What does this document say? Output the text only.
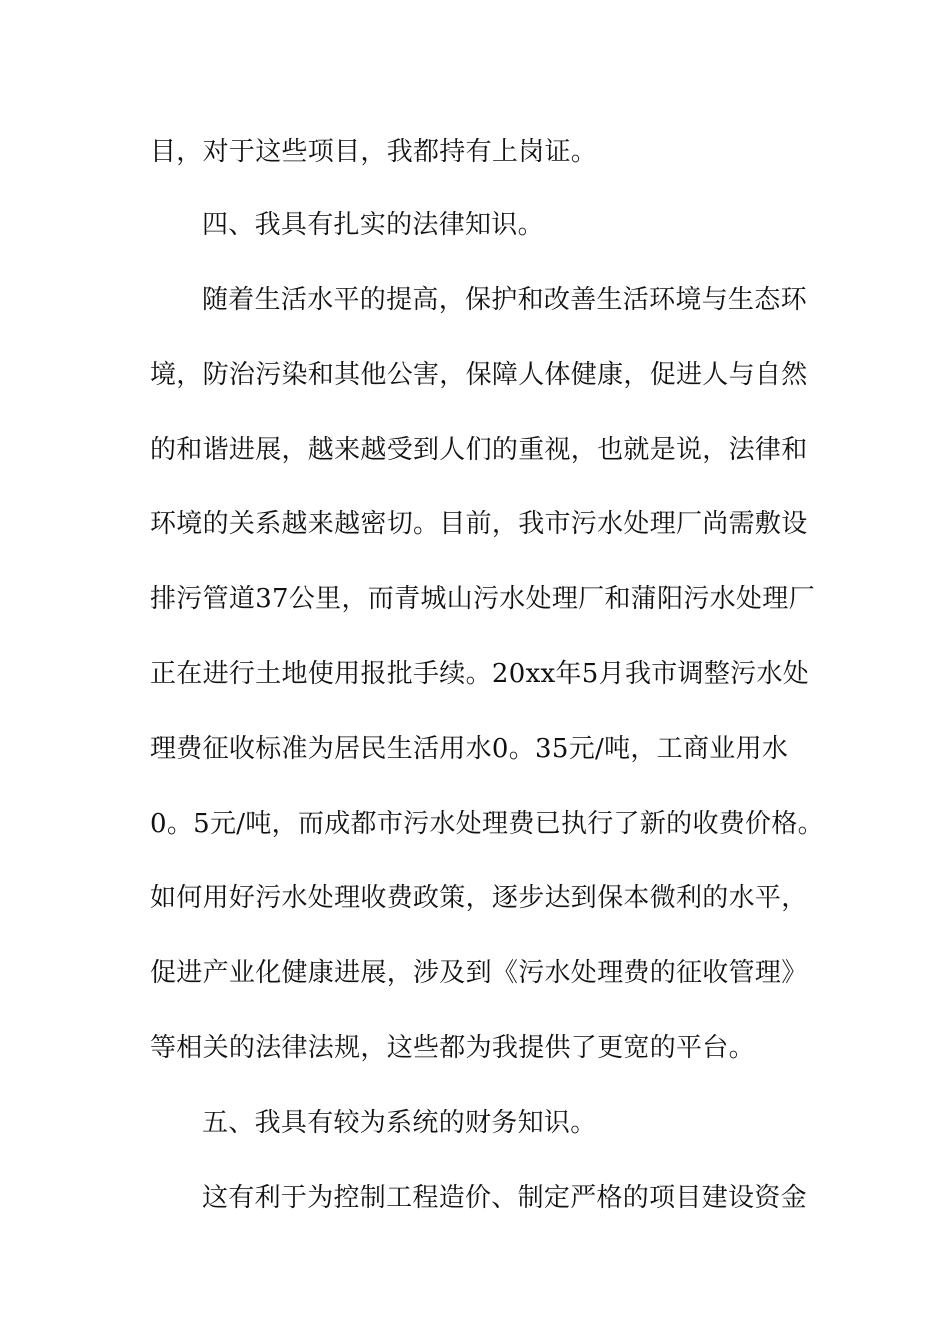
目，对于这些项目，我都持有上岗证。
四、我具有扎实的法律知识。
随着生活水平的提高，保护和改善生活环境与生态环
境，防治污染和其他公害，保障人体健康，促进人与自然
的和谐进展，越来越受到人们的重视，也就是说，法律和
环境的关系越来越密切。目前，我市污水处理厂尚需敷设
排污管道37公里，而青城山污水处理厂和蒲阳污水处理厂
正在进行土地使用报批手续。20xx年5月我市调整污水处
理费征收标准为居民生活用水0。35元/吨，工商业用水
0。5元/吨，而成都市污水处理费已执行了新的收费价格。
如何用好污水处理收费政策，逐步达到保本微利的水平，
促进产业化健康进展，涉及到《污水处理费的征收管理》
等相关的法律法规，这些都为我提供了更宽的平台。
五、我具有较为系统的财务知识。
这有利于为控制工程造价、制定严格的项目建设资金
